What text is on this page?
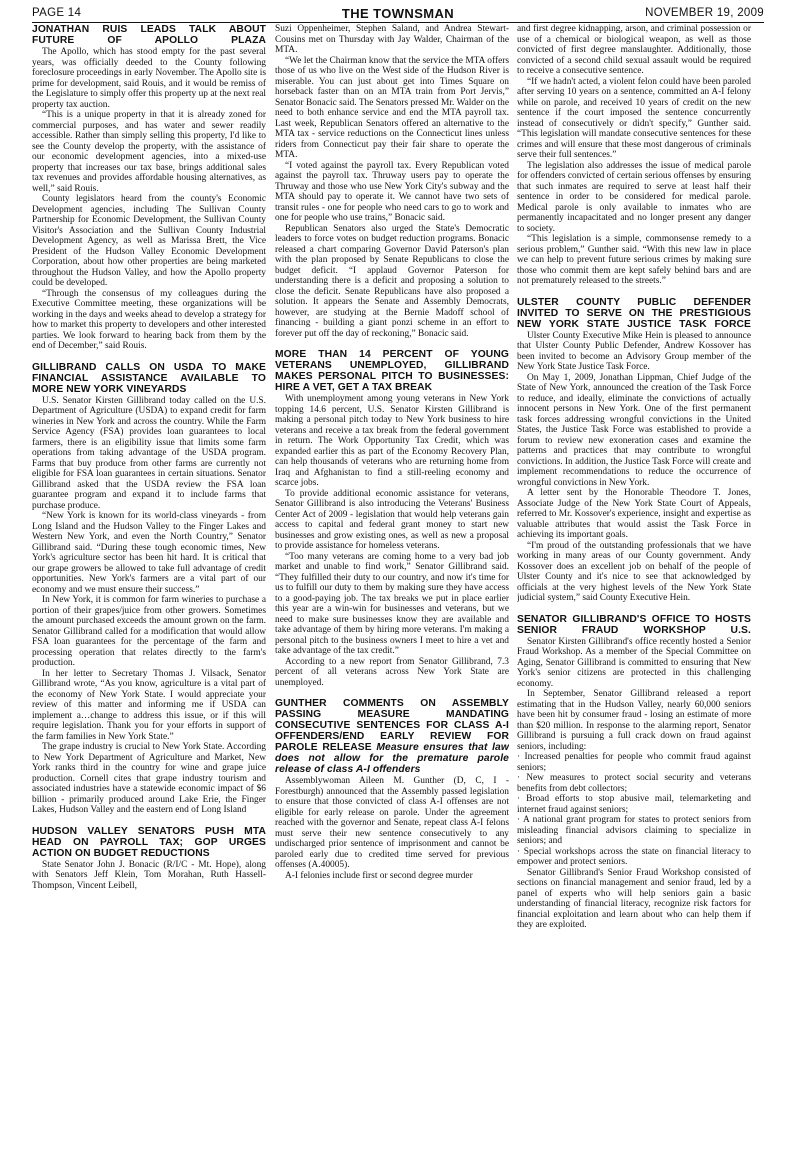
PAGE 14	THE TOWNSMAN	NOVEMBER 19, 2009
JONATHAN RUIS LEADS TALK ABOUT FUTURE OF APOLLO PLAZA

The Apollo, which has stood empty for the past several years, was officially deeded to the County following foreclosure proceedings in early November. The Apollo site is prime for development, said Rouis, and it would be remiss of the Legislature to simply offer this property up at the next real property tax auction.

“This is a unique property in that it is already zoned for commercial purposes, and has water and sewer readily accessible. Rather than simply selling this property, I'd like to see the County develop the property, with the assistance of our economic development agencies, into a mixed-use property that increases our tax base, brings additional sales tax revenues and provides affordable housing alternatives, as well,” said Rouis.

County legislators heard from the county's Economic Development agencies, including The Sullivan County Partnership for Economic Development, the Sullivan County Visitor's Association and the Sullivan County Industrial Development Agency, as well as Marissa Brett, the Vice President of the Hudson Valley Economic Development Corporation, about how other properties are being marketed throughout the Hudson Valley, and how the Apollo property could be developed.

“Through the consensus of my colleagues during the Executive Committee meeting, these organizations will be working in the days and weeks ahead to develop a strategy for how to market this property to developers and other interested parties. We look forward to hearing back from them by the end of December,” said Rouis.

GILLIBRAND CALLS ON USDA TO MAKE FINANCIAL ASSISTANCE AVAILABLE TO MORE NEW YORK VINEYARDS

U.S. Senator Kirsten Gillibrand today called on the U.S. Department of Agriculture (USDA) to expand credit for farm wineries in New York and across the country. While the Farm Service Agency (FSA) provides loan guarantees to local farmers, there is an eligibility issue that limits some farm operations from taking advantage of the USDA program. Farms that buy produce from other farms are currently not eligible for FSA loan guarantees in certain situations. Senator Gillibrand asked that the USDA review the FSA loan guarantee program and expand it to include farms that purchase produce.

“New York is known for its world-class vineyards - from Long Island and the Hudson Valley to the Finger Lakes and Western New York, and even the North Country,” Senator Gillibrand said. “During these tough economic times, New York's agriculture sector has been hit hard. It is critical that our grape growers be allowed to take full advantage of credit opportunities. New York's farmers are a vital part of our economy and we must ensure their success.”

In New York, it is common for farm wineries to purchase a portion of their grapes/juice from other growers. Sometimes the amount purchased exceeds the amount grown on the farm. Senator Gillibrand called for a modification that would allow FSA loan guarantees for the percentage of the farm and processing operation that relates directly to the farm's production.

In her letter to Secretary Thomas J. Vilsack, Senator Gillibrand wrote, “As you know, agriculture is a vital part of the economy of New York State. I would appreciate your review of this matter and informing me if USDA can implement a…change to address this issue, or if this will require legislation. Thank you for your efforts in support of the farm families in New York State.”

The grape industry is crucial to New York State. According to New York Department of Agriculture and Market, New York ranks third in the country for wine and grape juice production. Cornell cites that grape industry tourism and associated industries have a statewide economic impact of $6 billion - primarily produced around Lake Erie, the Finger Lakes, Hudson Valley and the eastern end of Long Island

HUDSON VALLEY SENATORS PUSH MTA HEAD ON PAYROLL TAX; GOP URGES ACTION ON BUDGET REDUCTIONS

State Senator John J. Bonacic (R/I/C - Mt. Hope), along with Senators Jeff Klein, Tom Morahan, Ruth Hassell-Thompson, Vincent Leibell,

Suzi Oppenheimer, Stephen Saland, and Andrea Stewart-Cousins met on Thursday with Jay Walder, Chairman of the MTA.

“We let the Chairman know that the service the MTA offers those of us who live on the West side of the Hudson River is miserable. You can just about get into Times Square on horseback faster than on an MTA train from Port Jervis,” Senator Bonacic said. The Senators pressed Mr. Walder on the need to both enhance service and end the MTA payroll tax. Last week, Republican Senators offered an alternative to the MTA tax - service reductions on the Connecticut lines unless riders from Connecticut pay their fair share to operate the MTA.

“I voted against the payroll tax. Every Republican voted against the payroll tax. Thruway users pay to operate the Thruway and those who use New York City's subway and the MTA should pay to operate it. We cannot have two sets of transit rules - one for people who need cars to go to work and one for people who use trains,” Bonacic said.

Republican Senators also urged the State's Democratic leaders to force votes on budget reduction programs. Bonacic released a chart comparing Governor David Paterson's plan with the plan proposed by Senate Republicans to close the budget deficit. “I applaud Governor Paterson for understanding there is a deficit and proposing a solution to close the deficit. Senate Republicans have also proposed a solution. It appears the Senate and Assembly Democrats, however, are studying at the Bernie Madoff school of financing - building a giant ponzi scheme in an effort to forever put off the day of reckoning,” Bonacic said.

MORE THAN 14 PERCENT OF YOUNG VETERANS UNEMPLOYED, GILLIBRAND MAKES PERSONAL PITCH TO BUSINESSES: HIRE A VET, GET A TAX BREAK

With unemployment among young veterans in New York topping 14.6 percent, U.S. Senator Kirsten Gillibrand is making a personal pitch today to New York business to hire veterans and receive a tax break from the federal government in return. The Work Opportunity Tax Credit, which was expanded earlier this as part of the Economy Recovery Plan, can help thousands of veterans who are returning home from Iraq and Afghanistan to find a still-reeling economy and scarce jobs.

To provide additional economic assistance for veterans, Senator Gillibrand is also introducing the Veterans' Business Center Act of 2009 - legislation that would help veterans gain access to capital and federal grant money to start new businesses and grow existing ones, as well as new a proposal to provide assistance for homeless veterans.

“Too many veterans are coming home to a very bad job market and unable to find work,” Senator Gillibrand said. “They fulfilled their duty to our country, and now it's time for us to fulfill our duty to them by making sure they have access to a good-paying job. The tax breaks we put in place earlier this year are a win-win for businesses and veterans, but we need to make sure businesses know they are available and take advantage of them by hiring more veterans. I'm making a personal pitch to the business owners I meet to hire a vet and take advantage of the tax credit.”

According to a new report from Senator Gillibrand, 7.3 percent of all veterans across New York State are unemployed.

GUNTHER COMMENTS ON ASSEMBLY PASSING MEASURE MANDATING CONSECUTIVE SENTENCES FOR CLASS A-I OFFENDERS/END EARLY REVIEW FOR PAROLE RELEASE Measure ensures that law does not allow for the premature parole release of class A-I offenders

Assemblywoman Aileen M. Gunther (D, C, I - Forestburgh) announced that the Assembly passed legislation to ensure that those convicted of class A-I offenses are not eligible for early release on parole. Under the agreement reached with the governor and Senate, repeat class A-I felons must serve their new sentence consecutively to any undischarged prior sentence of imprisonment and cannot be paroled early due to credited time served for previous offenses (A.40005).

A-I felonies include first or second degree murder

and first degree kidnapping, arson, and criminal possession or use of a chemical or biological weapon, as well as those convicted of first degree manslaughter. Additionally, those convicted of a second child sexual assault would be required to receive a consecutive sentence.

“If we hadn't acted, a violent felon could have been paroled after serving 10 years on a sentence, committed an A-I felony while on parole, and received 10 years of credit on the new sentence if the court imposed the sentence concurrently instead of consecutively or didn't specify,” Gunther said. “This legislation will mandate consecutive sentences for these crimes and will ensure that these most dangerous of criminals serve their full sentences.”

The legislation also addresses the issue of medical parole for offenders convicted of certain serious offenses by ensuring that such inmates are required to serve at least half their sentence in order to be considered for medical parole. Medical parole is only available to inmates who are permanently incapacitated and no longer present any danger to society.

“This legislation is a simple, commonsense remedy to a serious problem,” Gunther said. “With this new law in place we can help to prevent future serious crimes by making sure those who commit them are kept safely behind bars and are not prematurely released to the streets.”

ULSTER COUNTY PUBLIC DEFENDER INVITED TO SERVE ON THE PRESTIGIOUS NEW YORK STATE JUSTICE TASK FORCE

Ulster County Executive Mike Hein is pleased to announce that Ulster County Public Defender, Andrew Kossover has been invited to become an Advisory Group member of the New York State Justice Task Force.

On May 1, 2009, Jonathan Lippman, Chief Judge of the State of New York, announced the creation of the Task Force to reduce, and ideally, eliminate the convictions of actually innocent persons in New York. One of the first permanent task forces addressing wrongful convictions in the United States, the Justice Task Force was established to provide a forum to review new exoneration cases and examine the patterns and practices that may contribute to wrongful convictions. In addition, the Justice Task Force will create and implement recommendations to reduce the occurrence of wrongful convictions in New York.

A letter sent by the Honorable Theodore T. Jones, Associate Judge of the New York State Court of Appeals, referred to Mr. Kossover's experience, insight and expertise as valuable attributes that would assist the Task Force in achieving its important goals.

“I'm proud of the outstanding professionals that we have working in many areas of our County government. Andy Kossover does an excellent job on behalf of the people of Ulster County and it's nice to see that acknowledged by officials at the very highest levels of the New York State judicial system,” said County Executive Hein.

SENATOR GILLIBRAND'S OFFICE TO HOSTS SENIOR FRAUD WORKSHOP U.S.

Senator Kirsten Gillibrand's office recently hosted a Senior Fraud Workshop. As a member of the Special Committee on Aging, Senator Gillibrand is committed to ensuring that New York's senior citizens are protected in this challenging economy.

In September, Senator Gillibrand released a report estimating that in the Hudson Valley, nearly 60,000 seniors have been hit by consumer fraud - losing an estimate of more than $20 million. In response to the alarming report, Senator Gillibrand is pursuing a full crack down on fraud against seniors, including:

· Increased penalties for people who commit fraud against seniors;

· New measures to protect social security and veterans benefits from debt collectors;

· Broad efforts to stop abusive mail, telemarketing and internet fraud against seniors;

· A national grant program for states to protect seniors from misleading financial advisors claiming to specialize in seniors; and

· Special workshops across the state on financial literacy to empower and protect seniors.

Senator Gillibrand's Senior Fraud Workshop consisted of sections on financial management and senior fraud, led by a panel of experts who will help seniors gain a basic understanding of financial literacy, recognize risk factors for financial exploitation and learn about who can help them if they are exploited.
